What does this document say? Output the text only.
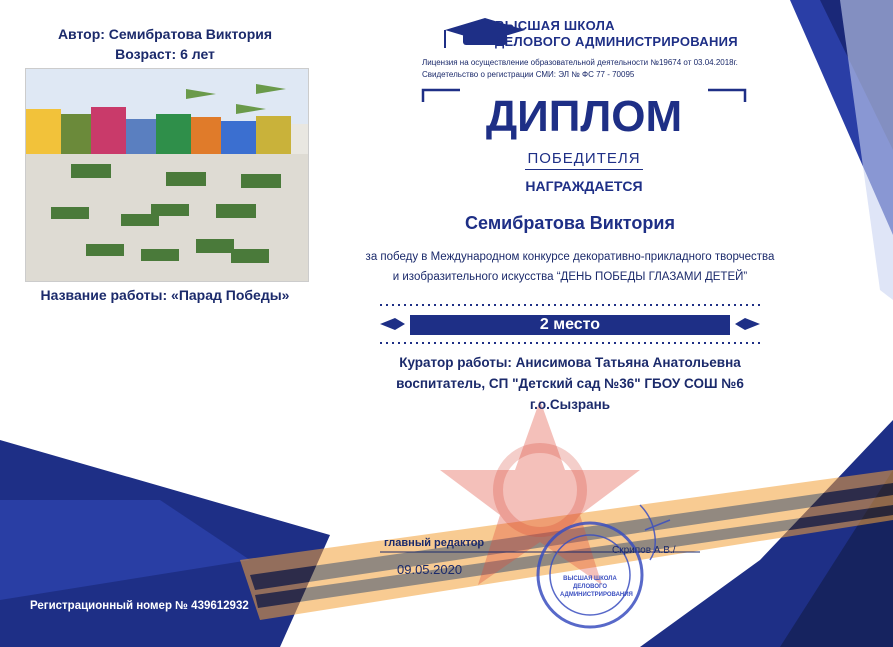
Автор: Семибратова Виктория
Возраст: 6 лет
Название работы: «Парад Победы»
ВЫСШАЯ ШКОЛА
ДЕЛОВОГО АДМИНИСТРИРОВАНИЯ
Лицензия на осуществление образовательной деятельности №19674 от 03.04.2018г.
Свидетельство о регистрации СМИ: ЭЛ № ФС 77 - 70095
ДИПЛОМ
ПОБЕДИТЕЛЯ
НАГРАЖДАЕТСЯ
Семибратова Виктория
за победу в Международном конкурсе декоративно-прикладного творчества
и изобразительного искусства “ДЕНЬ ПОБЕДЫ ГЛАЗАМИ ДЕТЕЙ”
2 место
Куратор работы: Анисимова Татьяна Анатольевна
воспитатель, СП "Детский сад №36" ГБОУ СОШ №6
г.о.Сызрань
главный редактор
Скрипов А.В./
09.05.2020
ВЫСШАЯ ШКОЛА ДЕЛОВОГО АДМИНИСТРИРОВАНИЯ
Регистрационный номер № 439612932
